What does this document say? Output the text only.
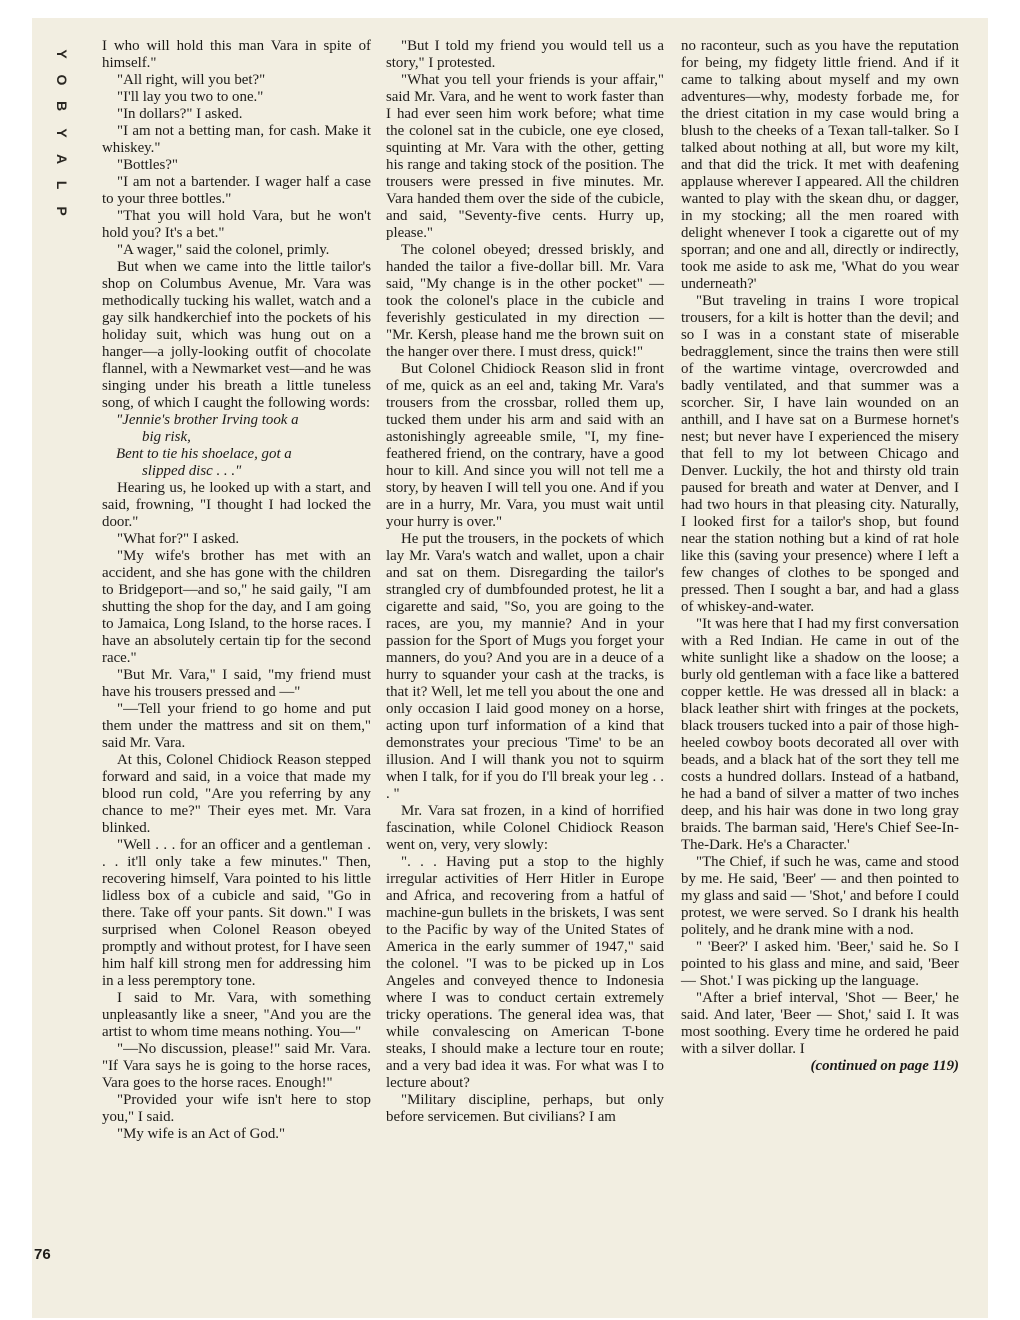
Y
O
B
Y
A
L
P

I who will hold this man Vara in spite of himself."

"All right, will you bet?"

"I'll lay you two to one."

"In dollars?" I asked.

"I am not a betting man, for cash. Make it whiskey."

"Bottles?"

"I am not a bartender. I wager half a case to your three bottles."

"That you will hold Vara, but he won't hold you? It's a bet."

"A wager," said the colonel, primly.

But when we came into the little tailor's shop on Columbus Avenue, Mr. Vara was methodically tucking his wallet, watch and a gay silk handkerchief into the pockets of his holiday suit, which was hung out on a hanger—a jolly-looking outfit of chocolate flannel, with a Newmarket vest—and he was singing under his breath a little tuneless song, of which I caught the following words:

"Jennie's brother Irving took a
big risk,
Bent to tie his shoelace, got a
slipped disc . . ."

Hearing us, he looked up with a start, and said, frowning, "I thought I had locked the door."

"What for?" I asked.

"My wife's brother has met with an accident, and she has gone with the children to Bridgeport—and so," he said gaily, "I am shutting the shop for the day, and I am going to Jamaica, Long Island, to the horse races. I have an absolutely certain tip for the second race."

"But Mr. Vara," I said, "my friend must have his trousers pressed and —"

"—Tell your friend to go home and put them under the mattress and sit on them," said Mr. Vara.

At this, Colonel Chidiock Reason stepped forward and said, in a voice that made my blood run cold, "Are you referring by any chance to me?" Their eyes met. Mr. Vara blinked.

"Well . . . for an officer and a gentleman . . . it'll only take a few minutes." Then, recovering himself, Vara pointed to his little lidless box of a cubicle and said, "Go in there. Take off your pants. Sit down." I was surprised when Colonel Reason obeyed promptly and without protest, for I have seen him half kill strong men for addressing him in a less peremptory tone.

I said to Mr. Vara, with something unpleasantly like a sneer, "And you are the artist to whom time means nothing. You—"

"—No discussion, please!" said Mr. Vara. "If Vara says he is going to the horse races, Vara goes to the horse races. Enough!"

"Provided your wife isn't here to stop you," I said.

"My wife is an Act of God."

"But I told my friend you would tell us a story," I protested.

"What you tell your friends is your affair," said Mr. Vara, and he went to work faster than I had ever seen him work before; what time the colonel sat in the cubicle, one eye closed, squinting at Mr. Vara with the other, getting his range and taking stock of the position. The trousers were pressed in five minutes. Mr. Vara handed them over the side of the cubicle, and said, "Seventy-five cents. Hurry up, please."

The colonel obeyed; dressed briskly, and handed the tailor a five-dollar bill. Mr. Vara said, "My change is in the other pocket" — took the colonel's place in the cubicle and feverishly gesticulated in my direction — "Mr. Kersh, please hand me the brown suit on the hanger over there. I must dress, quick!"

But Colonel Chidiock Reason slid in front of me, quick as an eel and, taking Mr. Vara's trousers from the crossbar, rolled them up, tucked them under his arm and said with an astonishingly agreeable smile, "I, my fine-feathered friend, on the contrary, have a good hour to kill. And since you will not tell me a story, by heaven I will tell you one. And if you are in a hurry, Mr. Vara, you must wait until your hurry is over."

He put the trousers, in the pockets of which lay Mr. Vara's watch and wallet, upon a chair and sat on them. Disregarding the tailor's strangled cry of dumbfounded protest, he lit a cigarette and said, "So, you are going to the races, are you, my mannie? And in your passion for the Sport of Mugs you forget your manners, do you? And you are in a deuce of a hurry to squander your cash at the tracks, is that it? Well, let me tell you about the one and only occasion I laid good money on a horse, acting upon turf information of a kind that demonstrates your precious 'Time' to be an illusion. And I will thank you not to squirm when I talk, for if you do I'll break your leg . . . "

Mr. Vara sat frozen, in a kind of horrified fascination, while Colonel Chidiock Reason went on, very, very slowly:

". . . Having put a stop to the highly irregular activities of Herr Hitler in Europe and Africa, and recovering from a hatful of machine-gun bullets in the briskets, I was sent to the Pacific by way of the United States of America in the early summer of 1947," said the colonel. "I was to be picked up in Los Angeles and conveyed thence to Indonesia where I was to conduct certain extremely tricky operations. The general idea was, that while convalescing on American T-bone steaks, I should make a lecture tour en route; and a very bad idea it was. For what was I to lecture about?

"Military discipline, perhaps, but only before servicemen. But civilians? I am

no raconteur, such as you have the reputation for being, my fidgety little friend. And if it came to talking about myself and my own adventures—why, modesty forbade me, for the driest citation in my case would bring a blush to the cheeks of a Texan tall-talker. So I talked about nothing at all, but wore my kilt, and that did the trick. It met with deafening applause wherever I appeared. All the children wanted to play with the skean dhu, or dagger, in my stocking; all the men roared with delight whenever I took a cigarette out of my sporran; and one and all, directly or indirectly, took me aside to ask me, 'What do you wear underneath?'

"But traveling in trains I wore tropical trousers, for a kilt is hotter than the devil; and so I was in a constant state of miserable bedragglement, since the trains then were still of the wartime vintage, overcrowded and badly ventilated, and that summer was a scorcher. Sir, I have lain wounded on an anthill, and I have sat on a Burmese hornet's nest; but never have I experienced the misery that fell to my lot between Chicago and Denver. Luckily, the hot and thirsty old train paused for breath and water at Denver, and I had two hours in that pleasing city. Naturally, I looked first for a tailor's shop, but found near the station nothing but a kind of rat hole like this (saving your presence) where I left a few changes of clothes to be sponged and pressed. Then I sought a bar, and had a glass of whiskey-and-water.

"It was here that I had my first conversation with a Red Indian. He came in out of the white sunlight like a shadow on the loose; a burly old gentleman with a face like a battered copper kettle. He was dressed all in black: a black leather shirt with fringes at the pockets, black trousers tucked into a pair of those high-heeled cowboy boots decorated all over with beads, and a black hat of the sort they tell me costs a hundred dollars. Instead of a hatband, he had a band of silver a matter of two inches deep, and his hair was done in two long gray braids. The barman said, 'Here's Chief See-In-The-Dark. He's a Character.'

"The Chief, if such he was, came and stood by me. He said, 'Beer' — and then pointed to my glass and said — 'Shot,' and before I could protest, we were served. So I drank his health politely, and he drank mine with a nod.

" 'Beer?' I asked him. 'Beer,' said he. So I pointed to his glass and mine, and said, 'Beer — Shot.' I was picking up the language.

"After a brief interval, 'Shot — Beer,' he said. And later, 'Beer — Shot,' said I. It was most soothing. Every time he ordered he paid with a silver dollar. I

(continued on page 119)
76
